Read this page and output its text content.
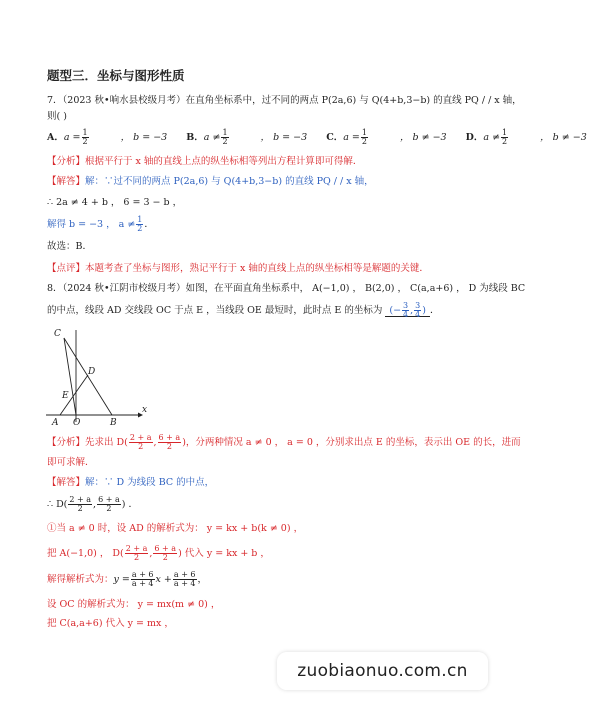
题型三．坐标与图形性质
7．（2023 秋•响水县校级月考）在直角坐标系中，过不同的两点 P(2a,6) 与 Q(4+b,3−b) 的直线 PQ / / x 轴，
则( )
A．$a = \frac{1}{2}$ ， b = −3 B．$a \ne \frac{1}{2}$ ， b = −3 C．$a = \frac{1}{2}$ ， b ≠ −3 D．$a \ne \frac{1}{2}$ ， b ≠ −3
【分析】根据平行于 x 轴的直线上点的纵坐标相等列出方程计算即可得解．
【解答】解：∵过不同的两点 P(2a,6) 与 Q(4+b,3−b) 的直线 PQ / / x 轴，
∴ 2a ≠ 4 + b ， 6 = 3 − b ，
解得 b = −3 ， $a \ne \frac{1}{2}$ ．
故选：B．
【点评】本题考查了坐标与图形，熟记平行于 x 轴的直线上点的纵坐标相等是解题的关键．
8．（2024 秋•江阴市校级月考）如图，在平面直角坐标系中， A(−1,0) ， B(2,0) ， C(a,a+6) ， D 为线段 BC
的中点，线段 AD 交线段 OC 于点 E ，当线段 OE 最短时，此时点 E 的坐标为 (− $\frac{3}{4}$ , $\frac{3}{4}$ ) ．
C
D
E
A O	B
x
【分析】先求出 $D( \frac{2 + a}{2}$ , $\frac{6 + a}{2}$ )，分两种情况 a ≠ 0 ， a = 0 ，分别求出点 E 的坐标，表示出 OE 的长，进而
即可求解．
【解答】解：∵ D 为线段 BC 的中点，
∴ $D( \frac{2 + a}{2}$ , $\frac{6 + a}{2}$ ) ．
①当 a ≠ 0 时，设 AD 的解析式为： y = kx + b(k ≠ 0) ，
把 A(−1,0) ， $D( \frac{2 + a}{2}$ , $\frac{6 + a}{2}$ ) 代入 y = kx + b ，
解得解析式为：$y = \frac{a + 6}{a + 4}$ $x + \frac{a + 6}{a + 4}$ ，
设 OC 的解析式为： y = mx(m ≠ 0) ，
把 C(a,a+6) 代入 y = mx ，
zuobiaonuo.com.cn
